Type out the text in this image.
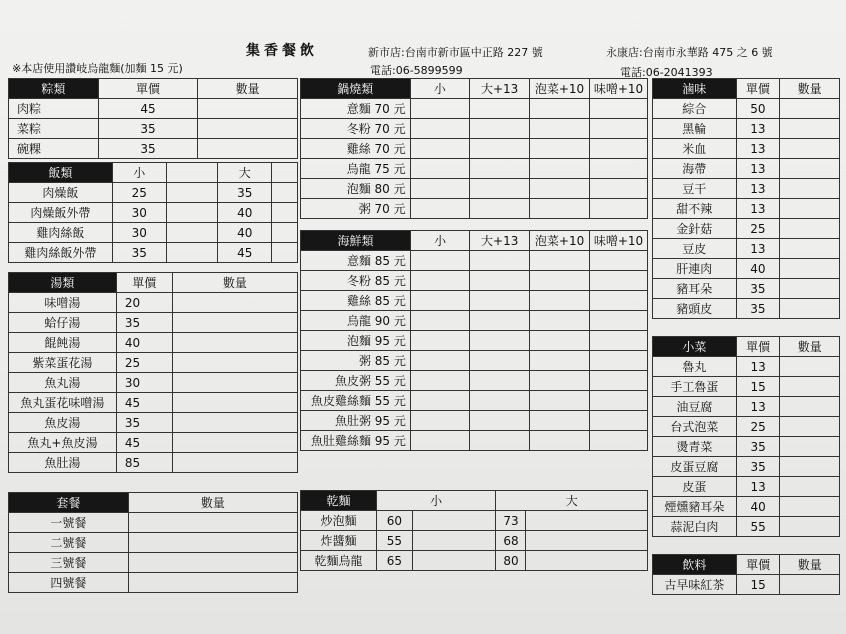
集香餐飲
※本店使用讚岐烏龍麵(加麵 15 元)
新市店:台南市新市區中正路 227 號
電話:06-5899599
永康店:台南市永華路 475 之 6 號
電話:06-2041393
粽類	單價	數量
肉粽	45	
菜粽	35	
碗粿	35	
飯類	小		大	
肉燥飯	25		35	
肉燥飯外帶	30		40	
雞肉絲飯	30		40	
雞肉絲飯外帶	35		45	
湯類	單價	數量
味噌湯	20	
蛤仔湯	35	
餛飩湯	40	
紫菜蛋花湯	25	
魚丸湯	30	
魚丸蛋花味噌湯	45	
魚皮湯	35	
魚丸+魚皮湯	45	
魚肚湯	85	
套餐	數量
一號餐	
二號餐	
三號餐	
四號餐	
鍋燒類	小	大+13	泡菜+10	味噌+10
意麵 70 元				
冬粉 70 元				
雞絲 70 元				
烏龍 75 元				
泡麵 80 元				
粥 70 元				
海鮮類	小	大+13	泡菜+10	味噌+10
意麵 85 元				
冬粉 85 元				
雞絲 85 元				
烏龍 90 元				
泡麵 95 元				
粥 85 元				
魚皮粥 55 元				
魚皮雞絲麵 55 元				
魚肚粥 95 元				
魚肚雞絲麵 95 元				
乾麵	小		大	
炒泡麵	60		73	
炸醬麵	55		68	
乾麵烏龍	65		80	
滷味	單價	數量
綜合	50	
黑輪	13	
米血	13	
海帶	13	
豆干	13	
甜不辣	13	
金針菇	25	
豆皮	13	
肝連肉	40	
豬耳朵	35	
豬頭皮	35	
小菜	單價	數量
魯丸	13	
手工魯蛋	15	
油豆腐	13	
台式泡菜	25	
燙青菜	35	
皮蛋豆腐	35	
皮蛋	13	
煙燻豬耳朵	40	
蒜泥白肉	55	
飲料	單價	數量
古早味紅茶	15	
